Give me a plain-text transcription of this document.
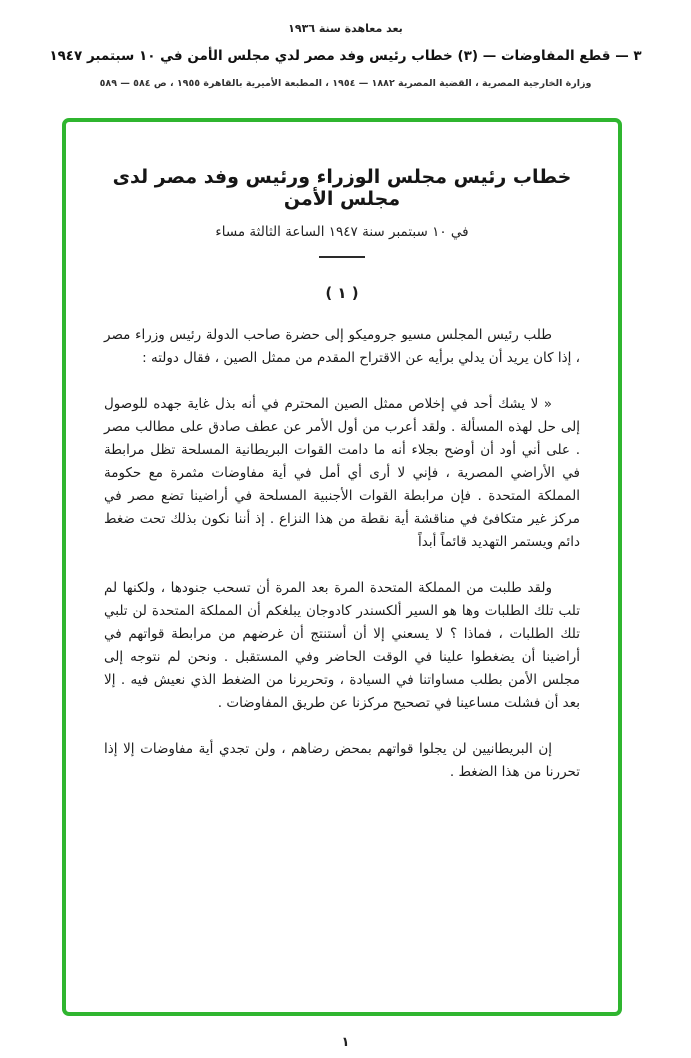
بعد معاهدة سنة ١٩٣٦
٣ — قطع المفاوضات — (٣) خطاب رئيس وفد مصر لدي مجلس الأمن في ١٠ سبتمبر ١٩٤٧
وزارة الخارجية المصرية ، القضية المصرية ١٨٨٢ — ١٩٥٤ ، المطبعة الأميرية بالقاهرة ١٩٥٥ ، ص ٥٨٤ — ٥٨٩
خطاب رئيس مجلس الوزراء ورئيس وفد مصر لدى مجلس الأمن
في ١٠ سبتمبر سنة ١٩٤٧ الساعة الثالثة مساء
( ١ )

طلب رئيس المجلس مسيو جروميكو إلى حضرة صاحب الدولة رئيس وزراء مصر ، إذا كان يريد أن يدلي برأيه عن الاقتراح المقدم من ممثل الصين ، فقال دولته :

« لا يشك أحد في إخلاص ممثل الصين المحترم في أنه بذل غاية جهده للوصول إلى حل لهذه المسألة . ولقد أعرب من أول الأمر عن عطف صادق على مطالب مصر . على أني أود أن أوضح بجلاء أنه ما دامت القوات البريطانية المسلحة تظل مرابطة في الأراضي المصرية ، فإني لا أرى أي أمل في أية مفاوضات مثمرة مع حكومة المملكة المتحدة . فإن مرابطة القوات الأجنبية المسلحة في أراضينا تضع مصر في مركز غير متكافئ في مناقشة أية نقطة من هذا النزاع . إذ أننا نكون بذلك تحت ضغط دائم ويستمر التهديد قائماً أبداً

ولقد طلبت من المملكة المتحدة المرة بعد المرة أن تسحب جنودها ، ولكنها لم تلب تلك الطلبات وها هو السير ألكسندر كادوجان يبلغكم أن المملكة المتحدة لن تلبي تلك الطلبات ، فماذا ؟ لا يسعني إلا أن أستنتج أن غرضهم من مرابطة قواتهم في أراضينا أن يضغطوا علينا في الوقت الحاضر وفي المستقبل . ونحن لم نتوجه إلى مجلس الأمن بطلب مساواتنا في السيادة ، وتحريرنا من الضغط الذي نعيش فيه . إلا بعد أن فشلت مساعينا في تصحيح مركزنا عن طريق المفاوضات .

إن البريطانيين لن يجلوا قواتهم بمحض رضاهم ، ولن تجدي أية مفاوضات إلا إذا تحررنا من هذا الضغط .

١
